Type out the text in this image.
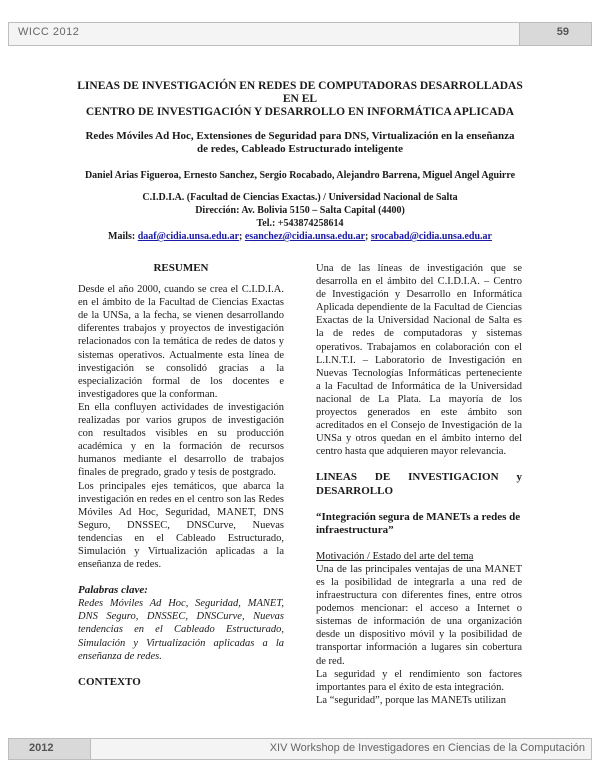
WICC 2012	59
LINEAS DE INVESTIGACIÓN EN REDES DE COMPUTADORAS DESARROLLADAS
EN EL
CENTRO DE INVESTIGACIÓN Y DESARROLLO EN INFORMÁTICA APLICADA
Redes Móviles Ad Hoc, Extensiones de Seguridad para DNS, Virtualización en la enseñanza
de redes, Cableado Estructurado inteligente
Daniel Arias Figueroa, Ernesto Sanchez, Sergio Rocabado, Alejandro Barrena, Miguel Angel Aguirre
C.I.D.I.A. (Facultad de Ciencias Exactas.) / Universidad Nacional de Salta
Dirección: Av. Bolivia 5150 – Salta Capital (4400)
Tel.: +543874258614
Mails: daaf@cidia.unsa.edu.ar; esanchez@cidia.unsa.edu.ar; srocabad@cidia.unsa.edu.ar
RESUMEN

Desde el año 2000, cuando se crea el C.I.D.I.A. en el ámbito de la Facultad de Ciencias Exactas de la UNSa, a la fecha, se vienen desarrollando diferentes trabajos y proyectos de investigación relacionados con la temática de redes de datos y sistemas operativos. Actualmente esta línea de investigación se consolidó gracias a la especialización formal de los docentes e investigadores que la conforman.

En ella confluyen actividades de investigación realizadas por varios grupos de investigación con resultados visibles en su producción académica y en la formación de recursos humanos mediante el desarrollo de trabajos finales de pregrado, grado y tesis de postgrado.

Los principales ejes temáticos, que abarca la investigación en redes en el centro son las Redes Móviles Ad Hoc, Seguridad, MANET, DNS Seguro, DNSSEC, DNSCurve, Nuevas tendencias en el Cableado Estructurado, Simulación y Virtualización aplicadas a la enseñanza de redes.

Palabras clave:

Redes Móviles Ad Hoc, Seguridad, MANET, DNS Seguro, DNSSEC, DNSCurve, Nuevas tendencias en el Cableado Estructurado, Simulación y Virtualización aplicadas a la enseñanza de redes.

CONTEXTO

Una de las líneas de investigación que se desarrolla en el ámbito del C.I.D.I.A. – Centro de Investigación y Desarrollo en Informática Aplicada dependiente de la Facultad de Ciencias Exactas de la Universidad Nacional de Salta es la de redes de computadoras y sistemas operativos. Trabajamos en colaboración con el L.I.N.T.I. – Laboratorio de Investigación en Nuevas Tecnologías Informáticas perteneciente a la Facultad de Informática de la Universidad nacional de La Plata. La mayoría de los proyectos generados en este ámbito son acreditados en el Consejo de Investigación de la UNSa y otros quedan en el ámbito interno del centro hasta que adquieren mayor relevancia.

LINEAS DE INVESTIGACION y DESARROLLO
“Integración segura de MANETs a redes de infraestructura”
Motivación / Estado del arte del tema

Una de las principales ventajas de una MANET es la posibilidad de integrarla a una red de infraestructura con diferentes fines, entre otros podemos mencionar: el acceso a Internet o sistemas de información de una organización desde un dispositivo móvil y la posibilidad de transportar información a lugares sin cobertura de red.

La seguridad y el rendimiento son factores importantes para el éxito de esta integración.

La “seguridad”, porque las MANETs utilizan

2012	XIV Workshop de Investigadores en Ciencias de la Computación
